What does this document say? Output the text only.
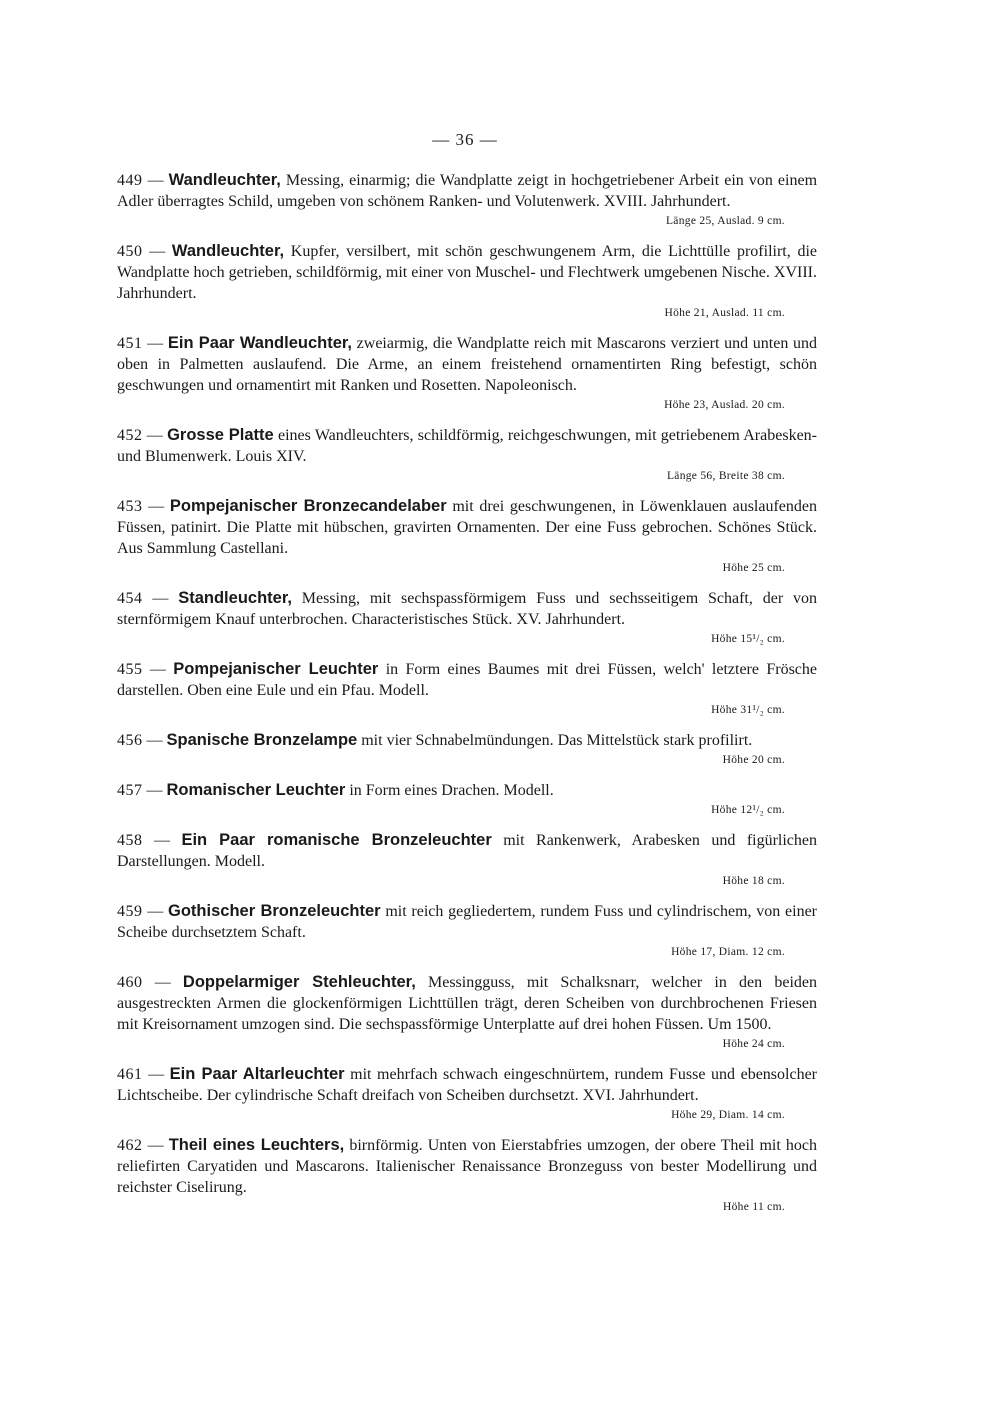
— 36 —

449 — Wandleuchter, Messing, einarmig; die Wandplatte zeigt in hochgetriebener Arbeit ein von einem Adler überragtes Schild, umgeben von schönem Ranken- und Volutenwerk. XVIII. Jahrhundert.

Länge 25, Auslad. 9 cm.

450 — Wandleuchter, Kupfer, versilbert, mit schön geschwungenem Arm, die Lichttülle profilirt, die Wandplatte hoch getrieben, schildförmig, mit einer von Muschel- und Flechtwerk umgebenen Nische. XVIII. Jahrhundert.

Höhe 21, Auslad. 11 cm.

451 — Ein Paar Wandleuchter, zweiarmig, die Wandplatte reich mit Mascarons verziert und unten und oben in Palmetten auslaufend. Die Arme, an einem freistehend ornamentirten Ring befestigt, schön geschwungen und ornamentirt mit Ranken und Rosetten. Napoleonisch.

Höhe 23, Auslad. 20 cm.

452 — Grosse Platte eines Wandleuchters, schildförmig, reichgeschwungen, mit getriebenem Arabesken- und Blumenwerk. Louis XIV.

Länge 56, Breite 38 cm.

453 — Pompejanischer Bronzecandelaber mit drei geschwungenen, in Löwenklauen auslaufenden Füssen, patinirt. Die Platte mit hübschen, gravirten Ornamenten. Der eine Fuss gebrochen. Schönes Stück. Aus Sammlung Castellani.

Höhe 25 cm.

454 — Standleuchter, Messing, mit sechspassförmigem Fuss und sechsseitigem Schaft, der von sternförmigem Knauf unterbrochen. Characteristisches Stück. XV. Jahrhundert.

Höhe 15¹/₂ cm.

455 — Pompejanischer Leuchter in Form eines Baumes mit drei Füssen, welch' letztere Frösche darstellen. Oben eine Eule und ein Pfau. Modell.

Höhe 31¹/₂ cm.

456 — Spanische Bronzelampe mit vier Schnabelmündungen. Das Mittelstück stark profilirt.

Höhe 20 cm.

457 — Romanischer Leuchter in Form eines Drachen. Modell.

Höhe 12¹/₂ cm.

458 — Ein Paar romanische Bronzeleuchter mit Rankenwerk, Arabesken und figürlichen Darstellungen. Modell.

Höhe 18 cm.

459 — Gothischer Bronzeleuchter mit reich gegliedertem, rundem Fuss und cylindrischem, von einer Scheibe durchsetztem Schaft.

Höhe 17, Diam. 12 cm.

460 — Doppelarmiger Stehleuchter, Messingguss, mit Schalksnarr, welcher in den beiden ausgestreckten Armen die glockenförmigen Lichttüllen trägt, deren Scheiben von durchbrochenen Friesen mit Kreisornament umzogen sind. Die sechspassförmige Unterplatte auf drei hohen Füssen. Um 1500.

Höhe 24 cm.

461 — Ein Paar Altarleuchter mit mehrfach schwach eingeschnürtem, rundem Fusse und ebensolcher Lichtscheibe. Der cylindrische Schaft dreifach von Scheiben durchsetzt. XVI. Jahrhundert.

Höhe 29, Diam. 14 cm.

462 — Theil eines Leuchters, birnförmig. Unten von Eierstabfries umzogen, der obere Theil mit hoch reliefirten Caryatiden und Mascarons. Italienischer Renaissance Bronzeguss von bester Modellirung und reichster Ciselirung.

Höhe 11 cm.
